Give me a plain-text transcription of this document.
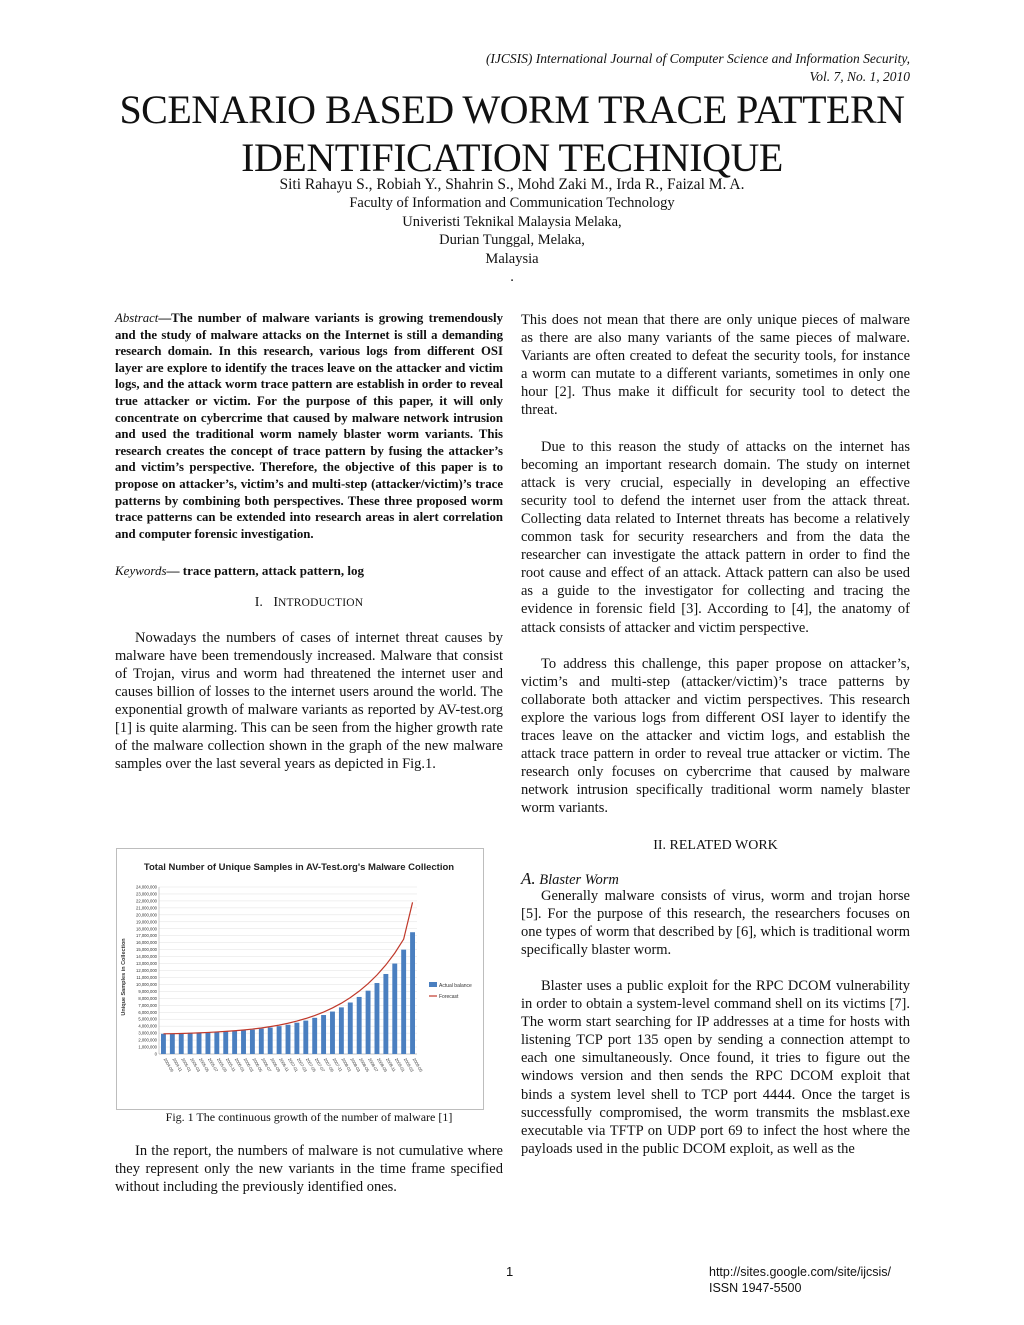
(IJCSIS) International Journal of Computer Science and Information Security,
Vol. 7, No. 1, 2010
SCENARIO BASED WORM TRACE PATTERN
IDENTIFICATION TECHNIQUE
Siti Rahayu S., Robiah Y., Shahrin S., Mohd Zaki M., Irda R., Faizal M. A.
Faculty of Information and Communication Technology
Univeristi Teknikal Malaysia Melaka,
Durian Tunggal, Melaka,
Malaysia
.

Abstract—The number of malware variants is growing tremendously and the study of malware attacks on the Internet is still a demanding research domain. In this research, various logs from different OSI layer are explore to identify the traces leave on the attacker and victim logs, and the attack worm trace pattern are establish in order to reveal true attacker or victim. For the purpose of this paper, it will only concentrate on cybercrime that caused by malware network intrusion and used the traditional worm namely blaster worm variants. This research creates the concept of trace pattern by fusing the attacker’s and victim’s perspective. Therefore, the objective of this paper is to propose on attacker’s, victim’s and multi-step (attacker/victim)’s trace patterns by combining both perspectives. These three proposed worm trace patterns can be extended into research areas in alert correlation and computer forensic investigation.

Keywords— trace pattern, attack pattern, log

I. INTRODUCTION

Nowadays the numbers of cases of internet threat causes by malware have been tremendously increased. Malware that consist of Trojan, virus and worm had threatened the internet user and causes billion of losses to the internet users around the world. The exponential growth of malware variants as reported by AV-test.org [1] is quite alarming. This can be seen from the higher growth rate of the malware collection shown in the graph of the new malware samples over the last several years as depicted in Fig.1.

Total Number of Unique Samples in AV-Test.org's Malware Collection
Unique Samples in Collection
24,000,000
23,000,000
22,000,000
21,000,000
20,000,000
19,000,000
18,000,000
17,000,000
16,000,000
15,000,000
14,000,000
13,000,000
12,000,000
11,000,000
10,000,000
9,000,000
8,000,000
7,000,000
6,000,000
5,000,000
4,000,000
3,000,000
2,000,000
1,000,000
0
2004-09
2004-11
2005-01
2005-03
2005-05
2005-07
2005-09
2005-11
2006-01
2006-03
2006-05
2006-07
2006-09
2006-11
2007-01
2007-03
2007-05
2007-07
2007-09
2007-11
2008-01
2008-03
2008-05
2008-07
2008-09
2008-11
2009-01
2009-03
2009-05
Actual balance
Forecast
Fig. 1 The continuous growth of the number of malware [1]

In the report, the numbers of malware is not cumulative where they represent only the new variants in the time frame specified without including the previously identified ones.

This does not mean that there are only unique pieces of malware as there are also many variants of the same pieces of malware. Variants are often created to defeat the security tools, for instance a worm can mutate to a different variants, sometimes in only one hour [2]. Thus make it difficult for security tool to detect the threat.

Due to this reason the study of attacks on the internet has becoming an important research domain. The study on internet attack is very crucial, especially in developing an effective security tool to defend the internet user from the attack threat. Collecting data related to Internet threats has become a relatively common task for security researchers and from the data the researcher can investigate the attack pattern in order to find the root cause and effect of an attack. Attack pattern can also be used as a guide to the investigator for collecting and tracing the evidence in forensic field [3]. According to [4], the anatomy of attack consists of attacker and victim perspective.

To address this challenge, this paper propose on attacker’s, victim’s and multi-step (attacker/victim)’s trace patterns by collaborate both attacker and victim perspectives. This research explore the various logs from different OSI layer to identify the traces leave on the attacker and victim logs, and establish the attack trace pattern in order to reveal true attacker or victim. The research only focuses on cybercrime that caused by malware network intrusion specifically traditional worm namely blaster worm variants.

II. RELATED WORK

A. Blaster Worm

Generally malware consists of virus, worm and trojan horse [5]. For the purpose of this research, the researchers focuses on one types of worm that described by [6], which is traditional worm specifically blaster worm.

Blaster uses a public exploit for the RPC DCOM vulnerability in order to obtain a system-level command shell on its victims [7]. The worm start searching for IP addresses at a time for hosts with listening TCP port 135 open by sending a connection attempt to each one simultaneously. Once found, it tries to figure out the windows version and then sends the RPC DCOM exploit that binds a system level shell to TCP port 4444. Once the target is successfully compromised, the worm transmits the msblast.exe executable via TFTP on UDP port 69 to infect the host where the payloads used in the public DCOM exploit, as well as the

1	http://sites.google.com/site/ijcsis/
ISSN 1947-5500
